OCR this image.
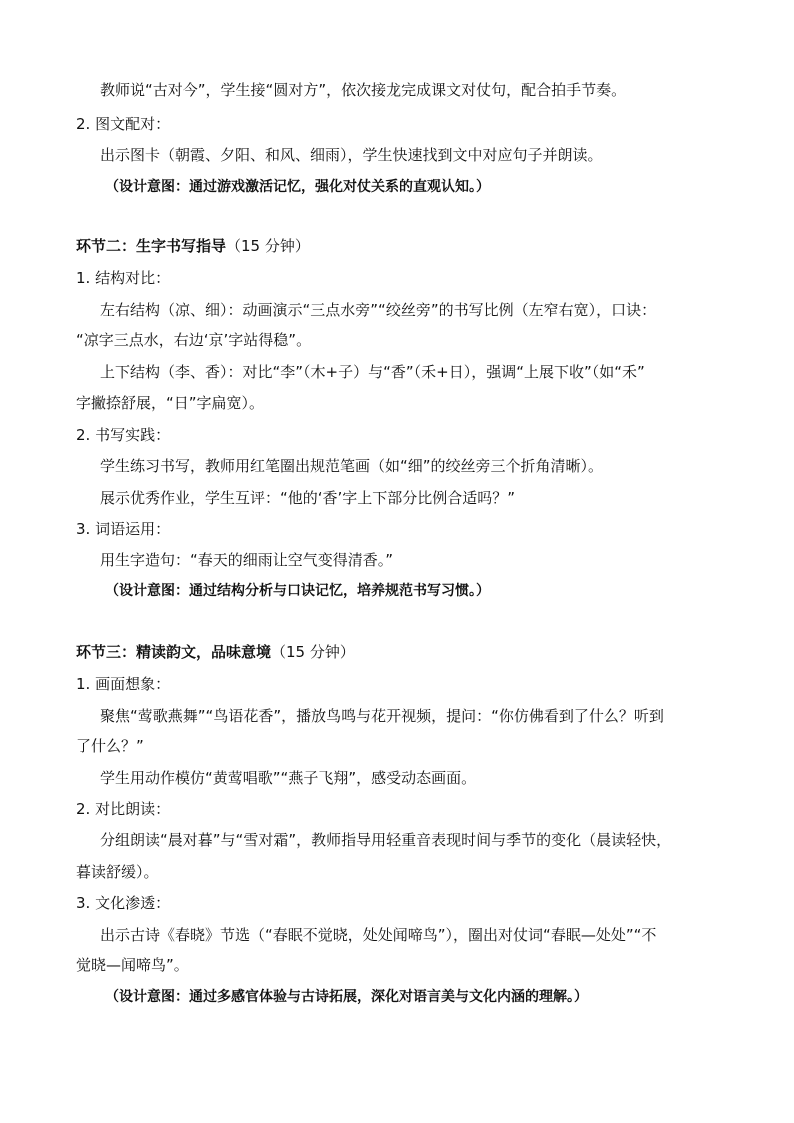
教师说“古对今”，学生接“圆对方”，依次接龙完成课文对仗句，配合拍手节奏。
2. 图文配对：
出示图卡（朝霞、夕阳、和风、细雨），学生快速找到文中对应句子并朗读。
（设计意图：通过游戏激活记忆，强化对仗关系的直观认知。）
环节二：生字书写指导（15 分钟）
1. 结构对比：
左右结构（凉、细）：动画演示“三点水旁”“绞丝旁”的书写比例（左窄右宽），口诀：
“凉字三点水，右边‘京’字站得稳”。
上下结构（李、香）：对比“李”（木+子）与“香”（禾+日），强调“上展下收”（如“禾”
字撇捺舒展，“日”字扁宽）。
2. 书写实践：
学生练习书写，教师用红笔圈出规范笔画（如“细”的绞丝旁三个折角清晰）。
展示优秀作业，学生互评：“他的‘香’字上下部分比例合适吗？”
3. 词语运用：
用生字造句：“春天的细雨让空气变得清香。”
（设计意图：通过结构分析与口诀记忆，培养规范书写习惯。）
环节三：精读韵文，品味意境（15 分钟）
1. 画面想象：
聚焦“莺歌燕舞”“鸟语花香”，播放鸟鸣与花开视频，提问：“你仿佛看到了什么？听到
了什么？”
学生用动作模仿“黄莺唱歌”“燕子飞翔”，感受动态画面。
2. 对比朗读：
分组朗读“晨对暮”与“雪对霜”，教师指导用轻重音表现时间与季节的变化（晨读轻快，
暮读舒缓）。
3. 文化渗透：
出示古诗《春晓》节选（“春眠不觉晓，处处闻啼鸟”），圈出对仗词“春眠—处处”“不
觉晓—闻啼鸟”。
（设计意图：通过多感官体验与古诗拓展，深化对语言美与文化内涵的理解。）
